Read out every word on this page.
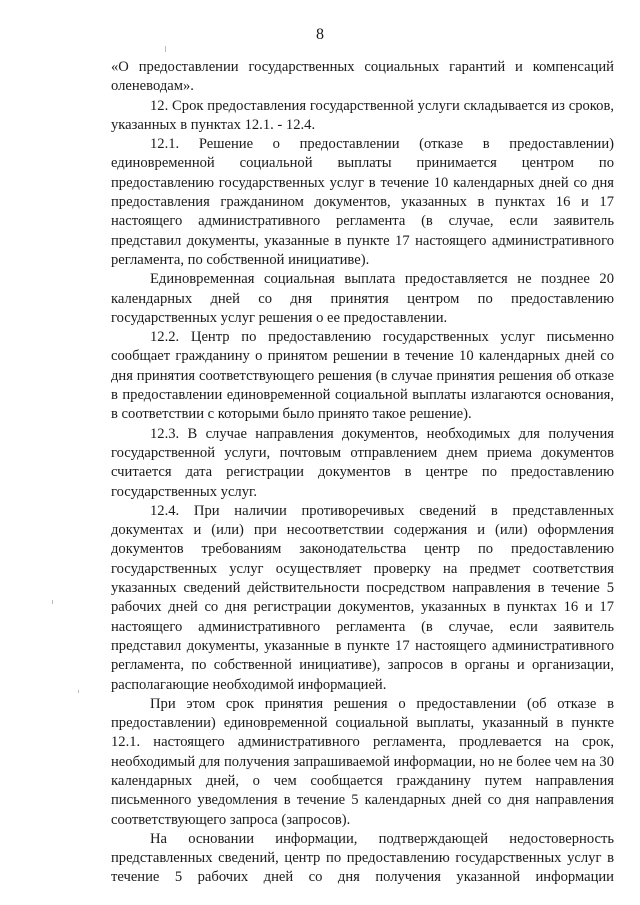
8

«О предоставлении государственных социальных гарантий и компенсаций оленеводам».

12. Срок предоставления государственной услуги складывается из сроков, указанных в пунктах 12.1. - 12.4.

12.1. Решение о предоставлении (отказе в предоставлении) единовременной социальной выплаты принимается центром по предоставлению государственных услуг в течение 10 календарных дней со дня предоставления гражданином документов, указанных в пунктах 16 и 17 настоящего административного регламента (в случае, если заявитель представил документы, указанные в пункте 17 настоящего административного регламента, по собственной инициативе).

Единовременная социальная выплата предоставляется не позднее 20 календарных дней со дня принятия центром по предоставлению государственных услуг решения о ее предоставлении.

12.2. Центр по предоставлению государственных услуг письменно сообщает гражданину о принятом решении в течение 10 календарных дней со дня принятия соответствующего решения (в случае принятия решения об отказе в предоставлении единовременной социальной выплаты излагаются основания, в соответствии с которыми было принято такое решение).

12.3. В случае направления документов, необходимых для получения государственной услуги, почтовым отправлением днем приема документов считается дата регистрации документов в центре по предоставлению государственных услуг.

12.4. При наличии противоречивых сведений в представленных документах и (или) при несоответствии содержания и (или) оформления документов требованиям законодательства центр по предоставлению государственных услуг осуществляет проверку на предмет соответствия указанных сведений действительности посредством направления в течение 5 рабочих дней со дня регистрации документов, указанных в пунктах 16 и 17 настоящего административного регламента (в случае, если заявитель представил документы, указанные в пункте 17 настоящего административного регламента, по собственной инициативе), запросов в органы и организации, располагающие необходимой информацией.

При этом срок принятия решения о предоставлении (об отказе в предоставлении) единовременной социальной выплаты, указанный в пункте 12.1. настоящего административного регламента, продлевается на срок, необходимый для получения запрашиваемой информации, но не более чем на 30 календарных дней, о чем сообщается гражданину путем направления письменного уведомления в течение 5 календарных дней со дня направления соответствующего запроса (запросов).

На основании информации, подтверждающей недостоверность представленных сведений, центр по предоставлению государственных услуг в течение 5 рабочих дней со дня получения указанной информации
